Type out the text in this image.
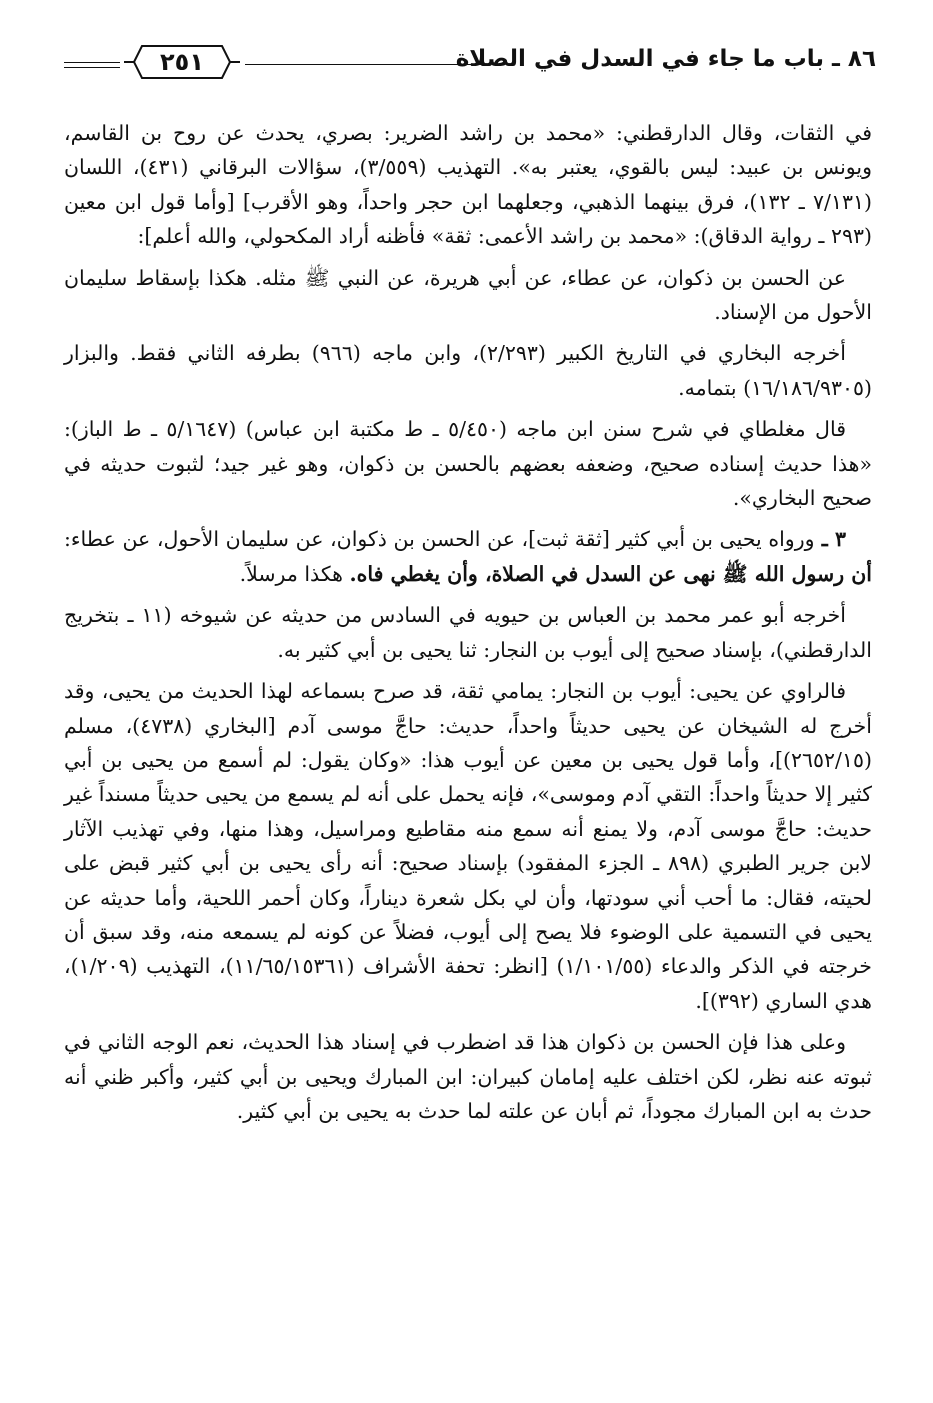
٢٥١	٨٦ ـ باب ما جاء في السدل في الصلاة

في الثقات، وقال الدارقطني: «محمد بن راشد الضرير: بصري، يحدث عن روح بن القاسم، ويونس بن عبيد: ليس بالقوي، يعتبر به». التهذيب (٣/٥٥٩)، سؤالات البرقاني (٤٣١)، اللسان (٧/١٣١ ـ ١٣٢)، فرق بينهما الذهبي، وجعلهما ابن حجر واحداً، وهو الأقرب] [وأما قول ابن معين (٢٩٣ ـ رواية الدقاق): «محمد بن راشد الأعمى: ثقة» فأظنه أراد المكحولي، والله أعلم]:

عن الحسن بن ذكوان، عن عطاء، عن أبي هريرة، عن النبي ﷺ مثله. هكذا بإسقاط سليمان الأحول من الإسناد.

أخرجه البخاري في التاريخ الكبير (٢/٢٩٣)، وابن ماجه (٩٦٦) بطرفه الثاني فقط. والبزار (١٦/١٨٦/٩٣٠٥) بتمامه.

قال مغلطاي في شرح سنن ابن ماجه (٥/٤٥٠ ـ ط مكتبة ابن عباس) (٥/١٦٤٧ ـ ط الباز): «هذا حديث إسناده صحيح، وضعفه بعضهم بالحسن بن ذكوان، وهو غير جيد؛ لثبوت حديثه في صحيح البخاري».

٣ ـ ورواه يحيى بن أبي كثير [ثقة ثبت]، عن الحسن بن ذكوان، عن سليمان الأحول، عن عطاء: أن رسول الله ﷺ نهى عن السدل في الصلاة، وأن يغطي فاه. هكذا مرسلاً.

أخرجه أبو عمر محمد بن العباس بن حيويه في السادس من حديثه عن شيوخه (١١ ـ بتخريج الدارقطني)، بإسناد صحيح إلى أيوب بن النجار: ثنا يحيى بن أبي كثير به.

فالراوي عن يحيى: أيوب بن النجار: يمامي ثقة، قد صرح بسماعه لهذا الحديث من يحيى، وقد أخرج له الشيخان عن يحيى حديثاً واحداً، حديث: حاجَّ موسى آدم [البخاري (٤٧٣٨)، مسلم (٢٦٥٢/١٥)]، وأما قول يحيى بن معين عن أيوب هذا: «وكان يقول: لم أسمع من يحيى بن أبي كثير إلا حديثاً واحداً: التقي آدم وموسى»، فإنه يحمل على أنه لم يسمع من يحيى حديثاً مسنداً غير حديث: حاجَّ موسى آدم، ولا يمنع أنه سمع منه مقاطيع ومراسيل، وهذا منها، وفي تهذيب الآثار لابن جرير الطبري (٨٩٨ ـ الجزء المفقود) بإسناد صحيح: أنه رأى يحيى بن أبي كثير قبض على لحيته، فقال: ما أحب أني سودتها، وأن لي بكل شعرة ديناراً، وكان أحمر اللحية، وأما حديثه عن يحيى في التسمية على الوضوء فلا يصح إلى أيوب، فضلاً عن كونه لم يسمعه منه، وقد سبق أن خرجته في الذكر والدعاء (١/١٠١/٥٥) [انظر: تحفة الأشراف (١١/٦٥/١٥٣٦١)، التهذيب (١/٢٠٩)، هدي الساري (٣٩٢)].

وعلى هذا فإن الحسن بن ذكوان هذا قد اضطرب في إسناد هذا الحديث، نعم الوجه الثاني في ثبوته عنه نظر، لكن اختلف عليه إمامان كبيران: ابن المبارك ويحيى بن أبي كثير، وأكبر ظني أنه حدث به ابن المبارك مجوداً، ثم أبان عن علته لما حدث به يحيى بن أبي كثير.
